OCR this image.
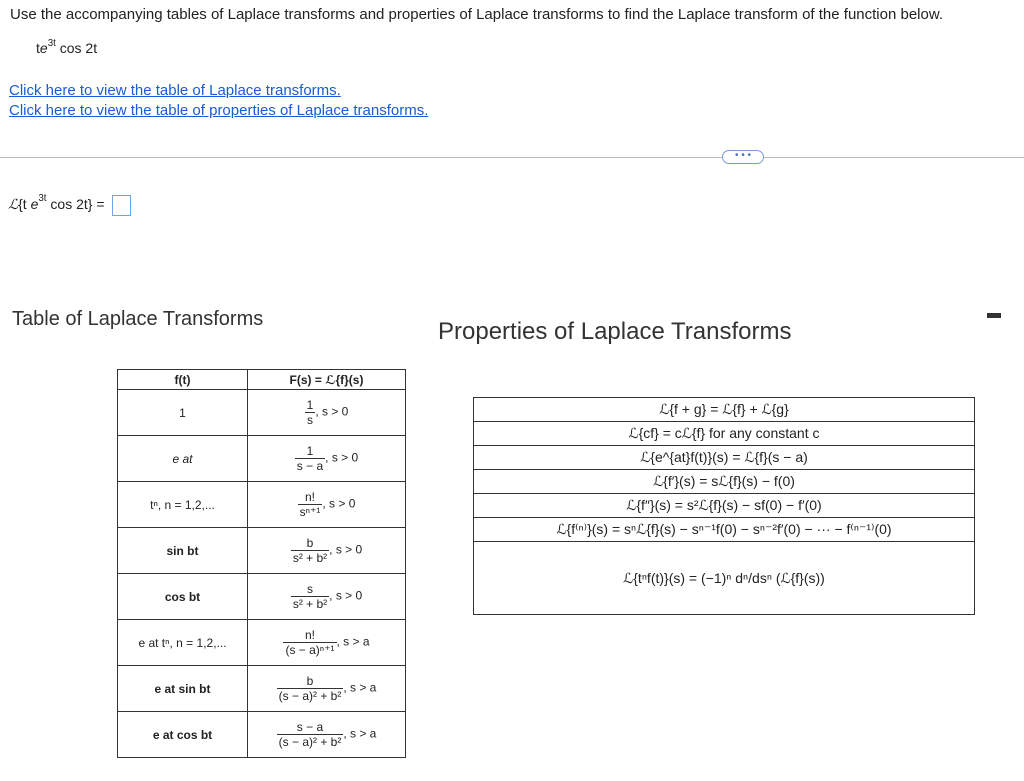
Use the accompanying tables of Laplace transforms and properties of Laplace transforms to find the Laplace transform of the function below.
$te^{3t}$ cos 2t
Click here to view the table of Laplace transforms.
Click here to view the table of properties of Laplace transforms.
• • •
ℒ{t $e^{3t}$ cos 2t} =
Table of Laplace Transforms	Properties of Laplace Transforms
f(t)	F(s) = ℒ{f}(s)
1	$\frac{1}{s}$ , s > 0
e at	$\frac{1}{s - a}$ , s > 0
tⁿ, n = 1,2,...	$\frac{n!}{\text{sⁿ⁺¹}}$ , s > 0
sin bt	$\frac{b}{\text{s² + b²}}$ , s > 0
cos bt	$\frac{s}{\text{s² + b²}}$ , s > 0
e at tⁿ, n = 1,2,...	$\frac{n!}{\text{(s − a)ⁿ⁺¹}}$ , s > a
e at sin bt	$\frac{b}{\text{(s − a)² + b²}}$ , s > a
e at cos bt	$\frac{s - a}{\text{(s − a)² + b²}}$ , s > a
ℒ{f + g} = ℒ{f} + ℒ{g}
ℒ{cf} = cℒ{f} for any constant c
ℒ{e^{at}f(t)}(s) = ℒ{f}(s − a)
ℒ{f′}(s) = sℒ{f}(s) − f(0)
ℒ{f″}(s) = s²ℒ{f}(s) − sf(0) − f′(0)
ℒ{f⁽ⁿ⁾}(s) = sⁿℒ{f}(s) − sⁿ⁻¹f(0) − sⁿ⁻²f′(0) − ··· − f⁽ⁿ⁻¹⁾(0)
ℒ{tⁿf(t)}(s) = (−1)ⁿ dⁿ/dsⁿ (ℒ{f}(s))
